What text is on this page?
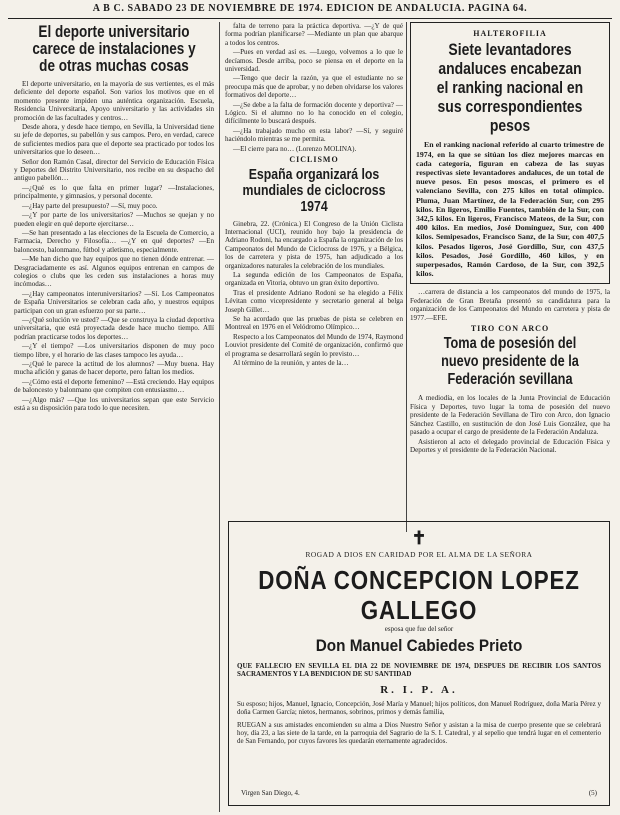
A B C. SABADO 23 DE NOVIEMBRE DE 1974. EDICION DE ANDALUCIA. PAGINA 64.
El deporte universitario carece de instalaciones y de otras muchas cosas

El deporte universitario, en la mayoría de sus vertientes, es el más deficiente del deporte español. Son varios los motivos que en el momento presente impiden una auténtica organización. Escuela, Residencia Universitaria, Apoyo universitario y las actividades sin promoción de las facultades y centros…

Desde ahora, y desde hace tiempo, en Sevilla, la Universidad tiene su jefe de deportes, su pabellón y sus campos. Pero, en verdad, carece de suficientes medios para que el deporte sea practicado por todos los universitarios que lo deseen…

Señor don Ramón Casal, director del Servicio de Educación Física y Deportes del Distrito Universitario, nos recibe en su despacho del antiguo pabellón…

—¿Qué es lo que falta en primer lugar? —Instalaciones, principalmente, y gimnasios, y personal docente.

—¿Hay parte del presupuesto? —Sí, muy poco.

—¿Y por parte de los universitarios? —Muchos se quejan y no pueden elegir en qué deporte ejercitarse…

—Se han presentado a las elecciones de la Escuela de Comercio, a Farmacia, Derecho y Filosofía… —¿Y en qué deportes? —En baloncesto, balonmano, fútbol y atletismo, especialmente.

—Me han dicho que hay equipos que no tienen dónde entrenar. —Desgraciadamente es así. Algunos equipos entrenan en campos de colegios o clubs que les ceden sus instalaciones a horas muy incómodas…

—¿Hay campeonatos interuniversitarios? —Sí. Los Campeonatos de España Universitarios se celebran cada año, y nuestros equipos participan con un gran esfuerzo por su parte…

—¿Qué solución ve usted? —Que se construya la ciudad deportiva universitaria, que está proyectada desde hace mucho tiempo. Allí podrían practicarse todos los deportes…

—¿Y el tiempo? —Los universitarios disponen de muy poco tiempo libre, y el horario de las clases tampoco les ayuda…

—¿Qué le parece la actitud de los alumnos? —Muy buena. Hay mucha afición y ganas de hacer deporte, pero faltan los medios.

—¿Cómo está el deporte femenino? —Está creciendo. Hay equipos de baloncesto y balonmano que compiten con entusiasmo…

—¿Algo más? —Que los universitarios sepan que este Servicio está a su disposición para todo lo que necesiten.

falta de terreno para la práctica deportiva. —¿Y de qué forma podrían planificarse? —Mediante un plan que abarque a todos los centros.

—Pues en verdad así es. —Luego, volvemos a lo que le decíamos. Desde arriba, poco se piensa en el deporte en la universidad.

—Tengo que decir la razón, ya que el estudiante no se preocupa más que de aprobar, y no deben olvidarse los valores formativos del deporte…

—¿Se debe a la falta de formación docente y deportiva? —Lógico. Si el alumno no lo ha conocido en el colegio, difícilmente lo buscará después.

—¿Ha trabajado mucho en esta labor? —Sí, y seguiré haciéndolo mientras se me permita.

—El cierre para no… (Lorenzo MOLINA).

CICLISMO
España organizará los mundiales de ciclocross 1974

Ginebra, 22. (Crónica.) El Congreso de la Unión Ciclista Internacional (UCI), reunido hoy bajo la presidencia de Adriano Rodoni, ha encargado a España la organización de los Campeonatos del Mundo de Ciclocross de 1976, y a Bélgica, los de carretera y pista de 1975, han adjudicado a los organizadores naturales la celebración de los mundiales.

La segunda edición de los Campeonatos de España, organizada en Vitoria, obtuvo un gran éxito deportivo.

Tras el presidente Adriano Rodoni se ha elegido a Félix Lévitan como vicepresidente y secretario general al belga Joseph Gillet…

Se ha acordado que las pruebas de pista se celebren en Montreal en 1976 en el Velódromo Olímpico…

Respecto a los Campeonatos del Mundo de 1974, Raymond Louviot presidente del Comité de organización, confirmó que el programa se desarrollará según lo previsto…

Al término de la reunión, y antes de la…

HALTEROFILIA
Siete levantadores andaluces encabezan el ranking nacional en sus correspondientes pesos

En el ranking nacional referido al cuarto trimestre de 1974, en la que se sitúan los diez mejores marcas en cada categoría, figuran en cabeza de las suyas respectivas siete levantadores andaluces, de un total de nueve pesos. En pesos moscas, el primero es el valenciano Sevilla, con 275 kilos en total olímpico. Pluma, Juan Martínez, de la Federación Sur, con 295 kilos. En ligeros, Emilio Fuentes, también de la Sur, con 342,5 kilos. En ligeros, Francisco Mateos, de la Sur, con 400 kilos. En medios, José Domínguez, Sur, con 400 kilos. Semipesados, Francisco Sanz, de la Sur, con 407,5 kilos. Pesados ligeros, José Gordillo, Sur, con 437,5 kilos. Pesados, José Gordillo, 460 kilos, y en superpesados, Ramón Cardoso, de la Sur, con 392,5 kilos.

…carrera de distancia a los campeonatos del mundo de 1975, la Federación de Gran Bretaña presentó su candidatura para la organización de los Campeonatos del Mundo en carretera y pista de 1977.—EFE.

TIRO CON ARCO
Toma de posesión del nuevo presidente de la Federación sevillana

A mediodía, en los locales de la Junta Provincial de Educación Física y Deportes, tuvo lugar la toma de posesión del nuevo presidente de la Federación Sevillana de Tiro con Arco, don Ignacio Sánchez Castillo, en sustitución de don José Luis González, que ha pasado a ocupar el cargo de presidente de la Federación Andaluza.

Asistieron al acto el delegado provincial de Educación Física y Deportes y el presidente de la Federación Nacional.

✝
ROGAD A DIOS EN CARIDAD POR EL ALMA DE LA SEÑORA
DOÑA CONCEPCION LOPEZ GALLEGO
esposa que fue del señor
Don Manuel Cabiedes Prieto
QUE FALLECIO EN SEVILLA EL DIA 22 DE NOVIEMBRE DE 1974, DESPUES DE RECIBIR LOS SANTOS SACRAMENTOS Y LA BENDICION DE SU SANTIDAD
R. I. P. A.
Su esposo; hijos, Manuel, Ignacio, Concepción, José María y Manuel; hijos políticos, don Manuel Rodríguez, doña María Pérez y doña Carmen García; nietos, hermanos, sobrinos, primos y demás familia,
RUEGAN a sus amistades encomienden su alma a Dios Nuestro Señor y asistan a la misa de cuerpo presente que se celebrará hoy, día 23, a las siete de la tarde, en la parroquia del Sagrario de la S. I. Catedral, y al sepelio que tendrá lugar en el cementerio de San Fernando, por cuyos favores les quedarán eternamente agradecidos.
Virgen San Diego, 4.	(5)
